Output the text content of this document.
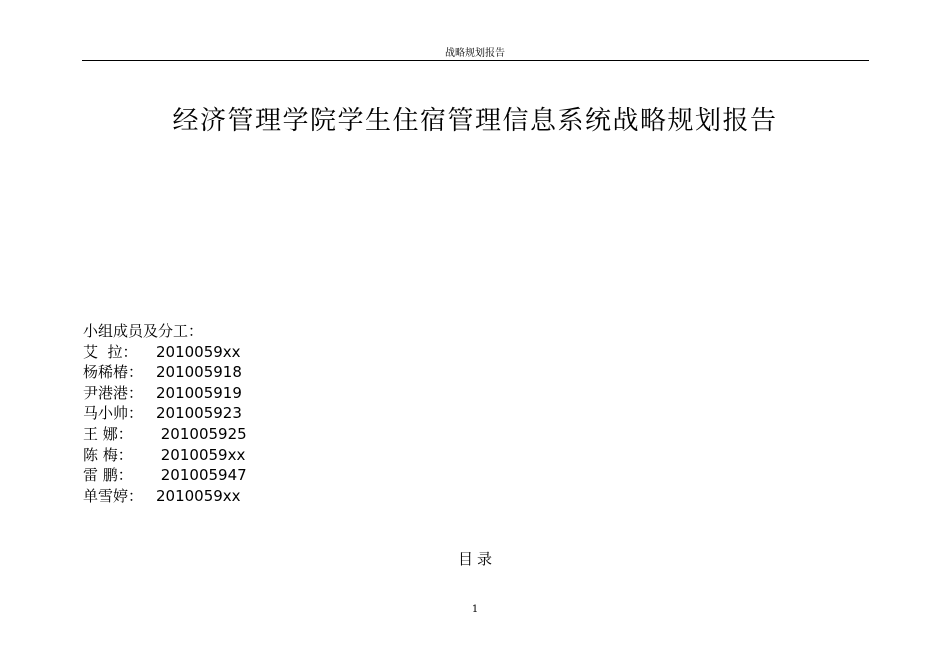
战略规划报告
经济管理学院学生住宿管理信息系统战略规划报告
小组成员及分工：
艾  拉： 2010059xx
杨稀椿： 201005918
尹港港： 201005919
马小帅： 201005923
王 娜： 201005925
陈 梅： 2010059xx
雷 鹏： 201005947
单雪婷： 2010059xx
目录
1
